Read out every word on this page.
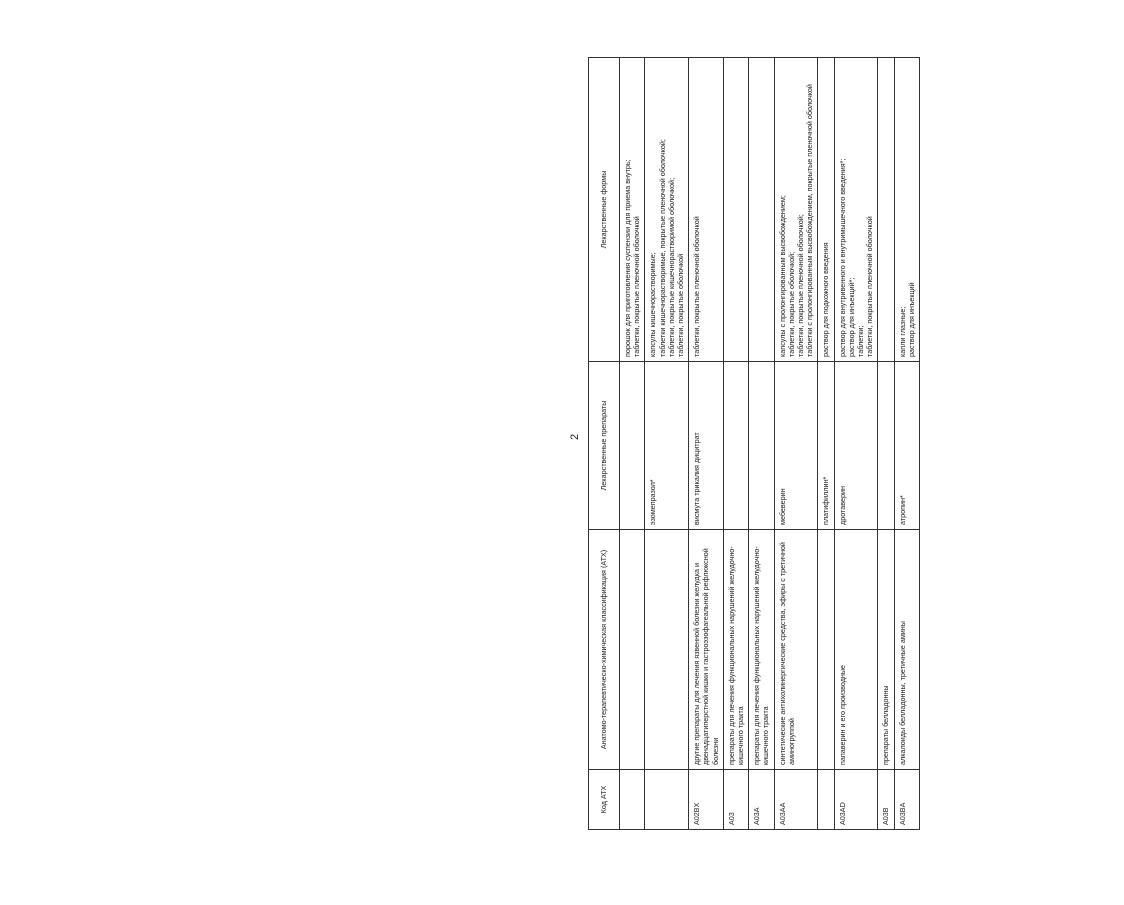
2
Код АТХ	Анатомо-терапевтическо-химическая классификация (АТХ)	Лекарственные препараты	Лекарственные формы

			порошок для приготовления суспензии для приема внутрь; таблетки, покрытые пленочной оболочкой

		эзомепразол*	капсулы кишечнорастворимые; таблетки кишечнорастворимые, покрытые пленочной оболочкой; таблетки, покрытые кишечнорастворимой оболочкой; таблетки, покрытые оболочкой

A02BX	другие препараты для лечения язвенной болезни желудка и двенадцатиперстной кишки и гастроэзофагеальной рефлюксной болезни	висмута трикалия дицитрат	таблетки, покрытые пленочной оболочкой

A03	препараты для лечения функциональных нарушений желудочно-кишечного тракта		
A03A	препараты для лечения функциональных нарушений желудочно-кишечного тракта		
A03AA	синтетические антихолинергические средства, эфиры с третичной аминогруппой	мебеверин	капсулы с пролонгированным высвобождением; таблетки, покрытые оболочкой; таблетки, покрытые пленочной оболочкой; таблетки с пролонгированным высвобождением, покрытые пленочной оболочкой

		платифиллин*	раствор для подкожного введения

A03AD	папаверин и его производные	дротаверин	раствор для внутривенного и внутримышечного введения*; раствор для инъекций*; таблетки; таблетки, покрытые пленочной оболочкой

A03B	препараты белладонны		
A03BA	алкалоиды белладонны, третичные амины	атропин*	капли глазные; раствор для инъекций
